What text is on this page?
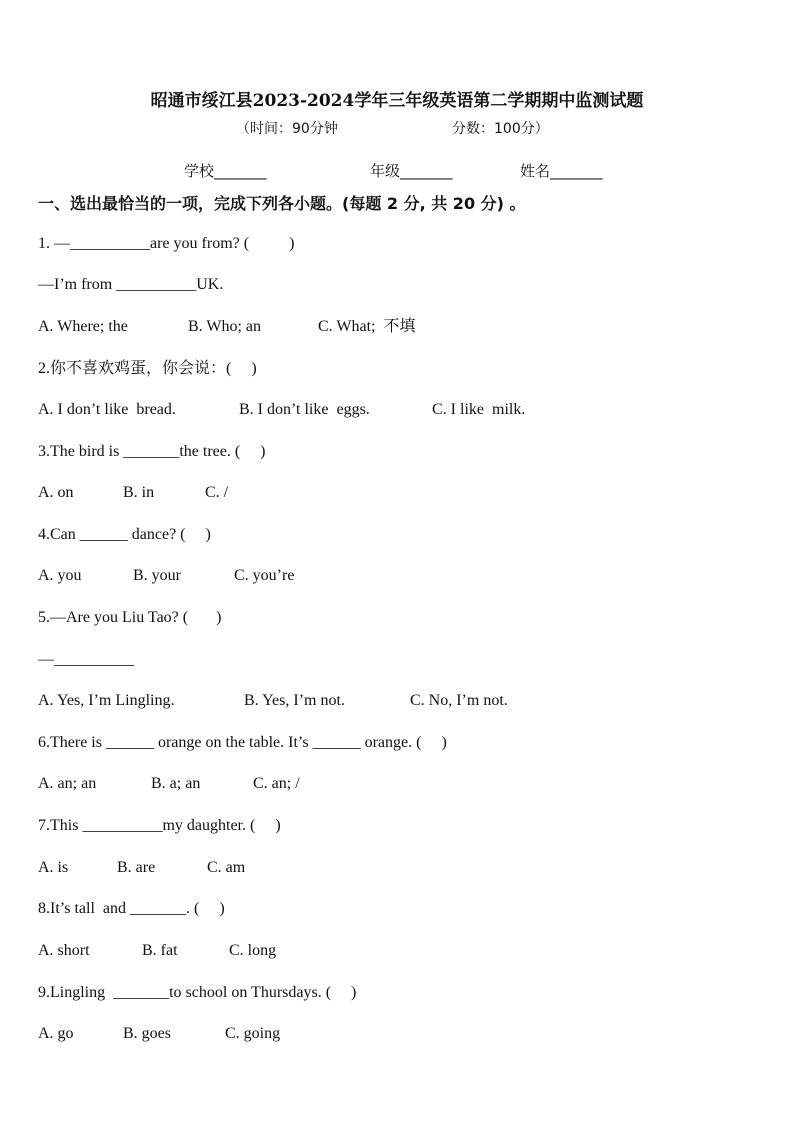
昭通市绥江县2023-2024学年三年级英语第二学期期中监测试题
（时间：90分钟	分数：100分）
学校_______	年级_______	姓名_______
一、选出最恰当的一项，完成下列各小题。(每题 2 分, 共 20 分) 。
1. —__________are you from? (          )
—I’m from __________UK.
A. Where; the	B. Who; an	C. What;  不填
2.你不喜欢鸡蛋，你会说：(     )
A. I don’t like  bread.	B. I don’t like  eggs.	C. I like  milk.
3.The bird is _______the tree. (     )
A. on	B. in	C. /
4.Can ______ dance? (     )
A. you	B. your	C. you’re
5.—Are you Liu Tao? (       )
—__________
A. Yes, I’m Lingling.	B. Yes, I’m not.	C. No, I’m not.
6.There is ______ orange on the table. It’s ______ orange. (     )
A. an; an	B. a; an	C. an; /
7.This __________my daughter. (     )
A. is	B. are	C. am
8.It’s tall  and _______. (     )
A. short	B. fat	C. long
9.Lingling  _______to school on Thursdays. (     )
A. go	B. goes	C. going
